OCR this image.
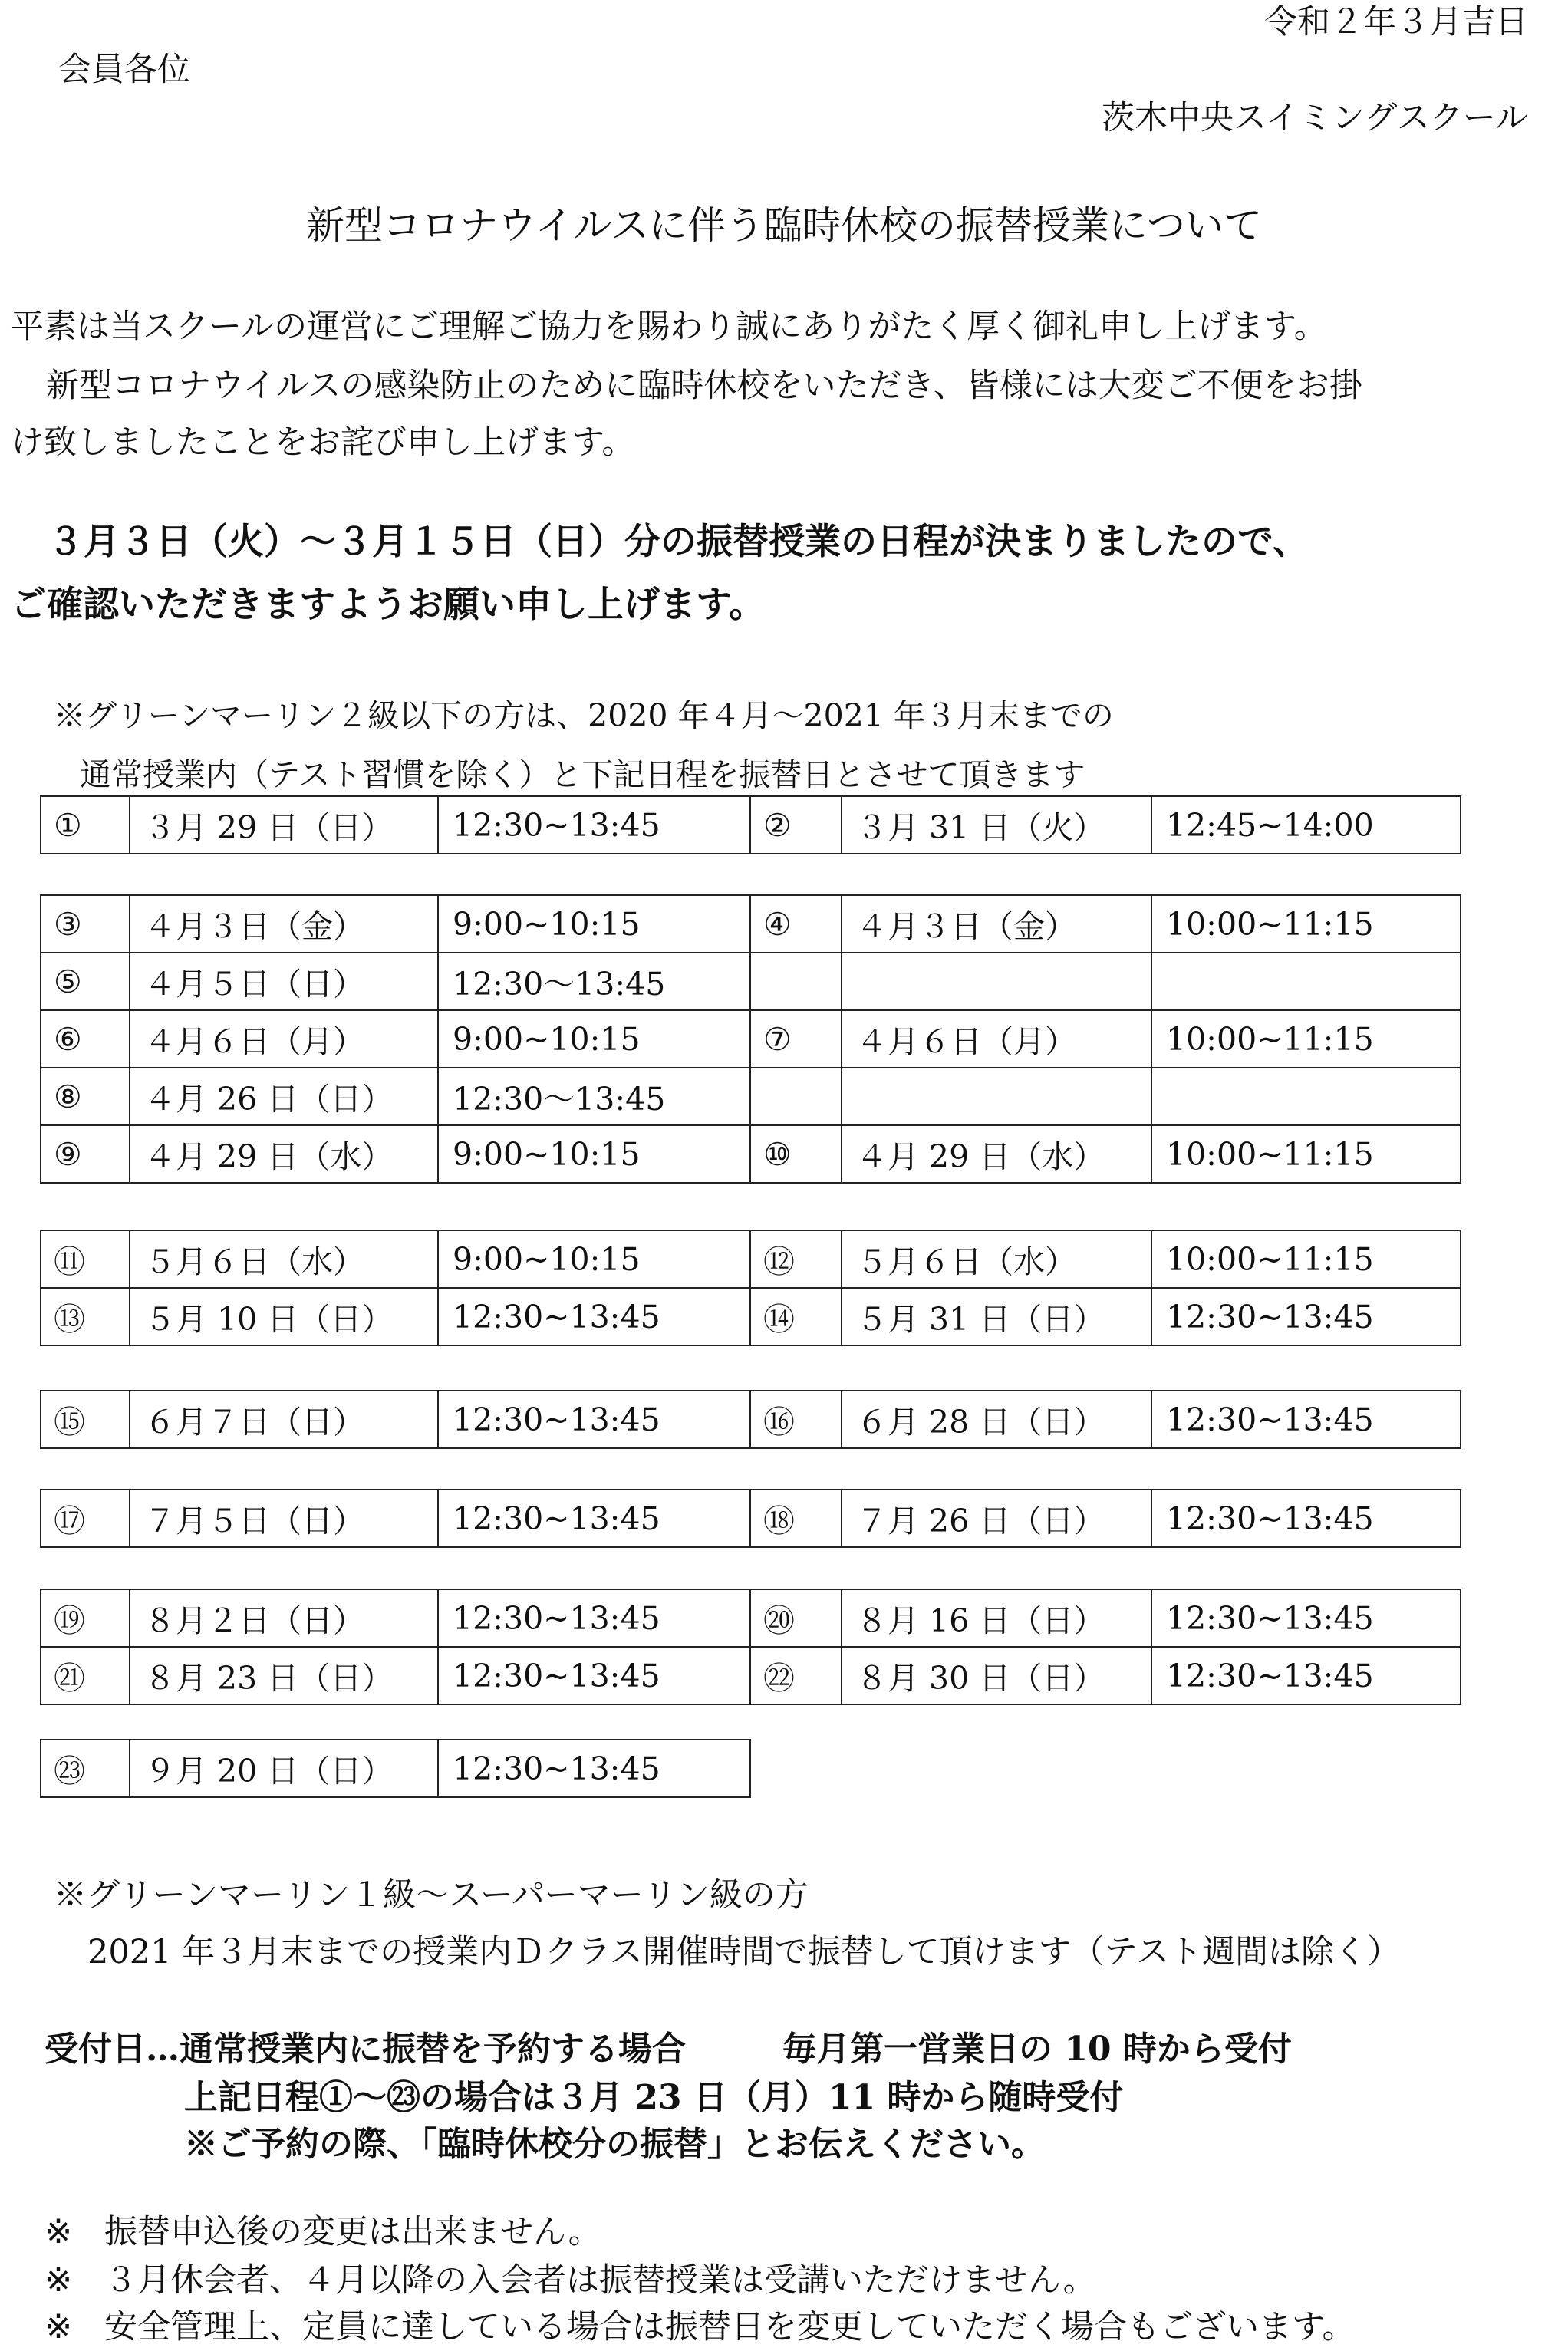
令和２年３月吉日
会員各位
茨木中央スイミングスクール
新型コロナウイルスに伴う臨時休校の振替授業について
平素は当スクールの運営にご理解ご協力を賜わり誠にありがたく厚く御礼申し上げます。
新型コロナウイルスの感染防止のために臨時休校をいただき、皆様には大変ご不便をお掛
け致しましたことをお詫び申し上げます。
３月３日（火）～３月１５日（日）分の振替授業の日程が決まりましたので、
ご確認いただきますようお願い申し上げます。
※グリーンマーリン２級以下の方は、2020 年４月～2021 年３月末までの
通常授業内（テスト習慣を除く）と下記日程を振替日とさせて頂きます
①	３月 29 日（日）	12:30~13:45	②	３月 31 日（火）	12:45~14:00
③	４月３日（金）	9:00~10:15	④	４月３日（金）	10:00~11:15
⑤	４月５日（日）	12:30～13:45			
⑥	４月６日（月）	9:00~10:15	⑦	４月６日（月）	10:00~11:15
⑧	４月 26 日（日）	12:30～13:45			
⑨	４月 29 日（水）	9:00~10:15	⑩	４月 29 日（水）	10:00~11:15
⑪	５月６日（水）	9:00~10:15	⑫	５月６日（水）	10:00~11:15
⑬	５月 10 日（日）	12:30~13:45	⑭	５月 31 日（日）	12:30~13:45
⑮	６月７日（日）	12:30~13:45	⑯	６月 28 日（日）	12:30~13:45
⑰	７月５日（日）	12:30~13:45	⑱	７月 26 日（日）	12:30~13:45
⑲	８月２日（日）	12:30~13:45	⑳	８月 16 日（日）	12:30~13:45
㉑	８月 23 日（日）	12:30~13:45	㉒	８月 30 日（日）	12:30~13:45
㉓	９月 20 日（日）	12:30~13:45
※グリーンマーリン１級～スーパーマーリン級の方
2021 年３月末までの授業内Ｄクラス開催時間で振替して頂けます（テスト週間は除く）
受付日…通常授業内に振替を予約する場合	毎月第一営業日の 10 時から受付
上記日程①～㉓の場合は３月 23 日（月）11 時から随時受付
※ご予約の際、「臨時休校分の振替」とお伝えください。
※ 振替申込後の変更は出来ません。
※ ３月休会者、４月以降の入会者は振替授業は受講いただけません。
※ 安全管理上、定員に達している場合は振替日を変更していただく場合もございます。
